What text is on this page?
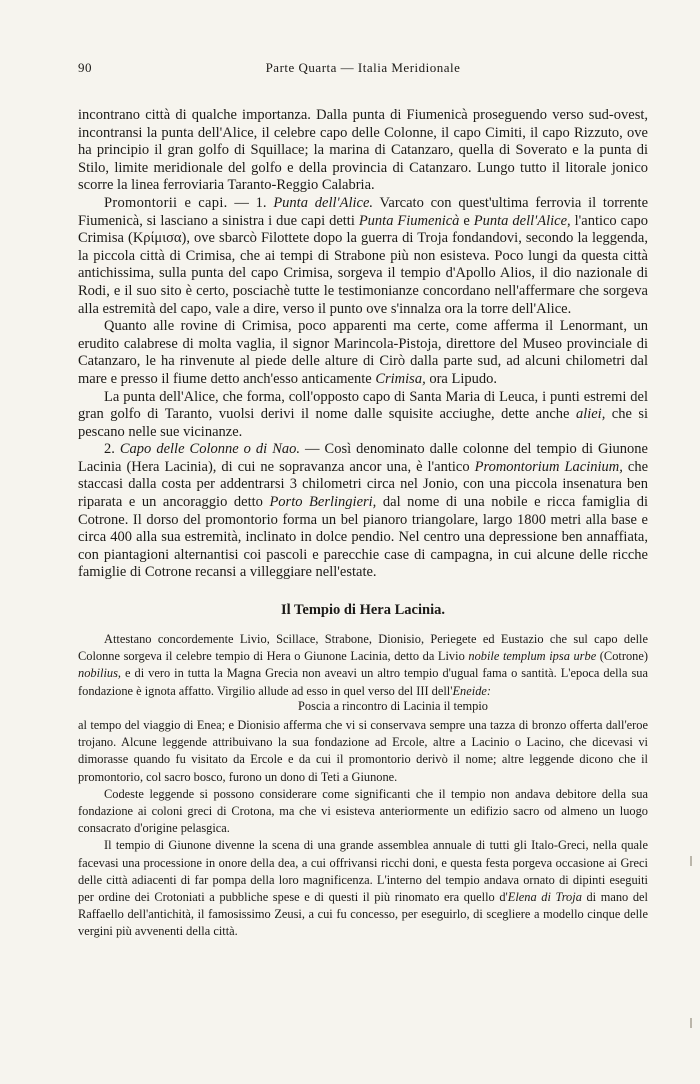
90	Parte Quarta — Italia Meridionale

incontrano città di qualche importanza. Dalla punta di Fiumenicà proseguendo verso sud-ovest, incontransi la punta dell'Alice, il celebre capo delle Colonne, il capo Cimiti, il capo Rizzuto, ove ha principio il gran golfo di Squillace; la marina di Catanzaro, quella di Soverato e la punta di Stilo, limite meridionale del golfo e della provincia di Catanzaro. Lungo tutto il litorale jonico scorre la linea ferroviaria Taranto-Reggio Calabria.

Promontorii e capi. — 1. Punta dell'Alice. Varcato con quest'ultima ferrovia il torrente Fiumenicà, si lasciano a sinistra i due capi detti Punta Fiumenicà e Punta dell'Alice, l'antico capo Crimisa (Κρίμισα), ove sbarcò Filottete dopo la guerra di Troja fondandovi, secondo la leggenda, la piccola città di Crimisa, che ai tempi di Strabone più non esisteva. Poco lungi da questa città antichissima, sulla punta del capo Crimisa, sorgeva il tempio d'Apollo Alios, il dio nazionale di Rodi, e il suo sito è certo, posciachè tutte le testimonianze concordano nell'affermare che sorgeva alla estremità del capo, vale a dire, verso il punto ove s'innalza ora la torre dell'Alice.

Quanto alle rovine di Crimisa, poco apparenti ma certe, come afferma il Lenormant, un erudito calabrese di molta vaglia, il signor Marincola-Pistoja, direttore del Museo provinciale di Catanzaro, le ha rinvenute al piede delle alture di Cirò dalla parte sud, ad alcuni chilometri dal mare e presso il fiume detto anch'esso anticamente Crimisa, ora Lipudo.

La punta dell'Alice, che forma, coll'opposto capo di Santa Maria di Leuca, i punti estremi del gran golfo di Taranto, vuolsi derivi il nome dalle squisite acciughe, dette anche aliei, che si pescano nelle sue vicinanze.

2. Capo delle Colonne o di Nao. — Così denominato dalle colonne del tempio di Giunone Lacinia (Hera Lacinia), di cui ne sopravanza ancor una, è l'antico Promontorium Lacinium, che staccasi dalla costa per addentrarsi 3 chilometri circa nel Jonio, con una piccola insenatura ben riparata e un ancoraggio detto Porto Berlingieri, dal nome di una nobile e ricca famiglia di Cotrone. Il dorso del promontorio forma un bel pianoro triangolare, largo 1800 metri alla base e circa 400 alla sua estremità, inclinato in dolce pendio. Nel centro una depressione ben annaffiata, con piantagioni alternantisi coi pascoli e parecchie case di campagna, in cui alcune delle ricche famiglie di Cotrone recansi a villeggiare nell'estate.

Il Tempio di Hera Lacinia.

Attestano concordemente Livio, Scillace, Strabone, Dionisio, Periegete ed Eustazio che sul capo delle Colonne sorgeva il celebre tempio di Hera o Giunone Lacinia, detto da Livio nobile templum ipsa urbe (Cotrone) nobilius, e di vero in tutta la Magna Grecia non aveavi un altro tempio d'ugual fama o santità. L'epoca della sua fondazione è ignota affatto. Virgilio allude ad esso in quel verso del III dell'Eneide:

Poscia a rincontro di Lacinia il tempio

al tempo del viaggio di Enea; e Dionisio afferma che vi si conservava sempre una tazza di bronzo offerta dall'eroe trojano. Alcune leggende attribuivano la sua fondazione ad Ercole, altre a Lacinio o Lacino, che dicevasi vi dimorasse quando fu visitato da Ercole e da cui il promontorio derivò il nome; altre leggende dicono che il promontorio, col sacro bosco, furono un dono di Teti a Giunone.

Codeste leggende si possono considerare come significanti che il tempio non andava debitore della sua fondazione ai coloni greci di Crotona, ma che vi esisteva anteriormente un edifizio sacro od almeno un luogo consacrato d'origine pelasgica.

Il tempio di Giunone divenne la scena di una grande assemblea annuale di tutti gli Italo-Greci, nella quale facevasi una processione in onore della dea, a cui offrivansi ricchi doni, e questa festa porgeva occasione ai Greci delle città adiacenti di far pompa della loro magnificenza. L'interno del tempio andava ornato di dipinti eseguiti per ordine dei Crotoniati a pubbliche spese e di questi il più rinomato era quello d'Elena di Troja di mano del Raffaello dell'antichità, il famosissimo Zeusi, a cui fu concesso, per eseguirlo, di scegliere a modello cinque delle vergini più avvenenti della città.
